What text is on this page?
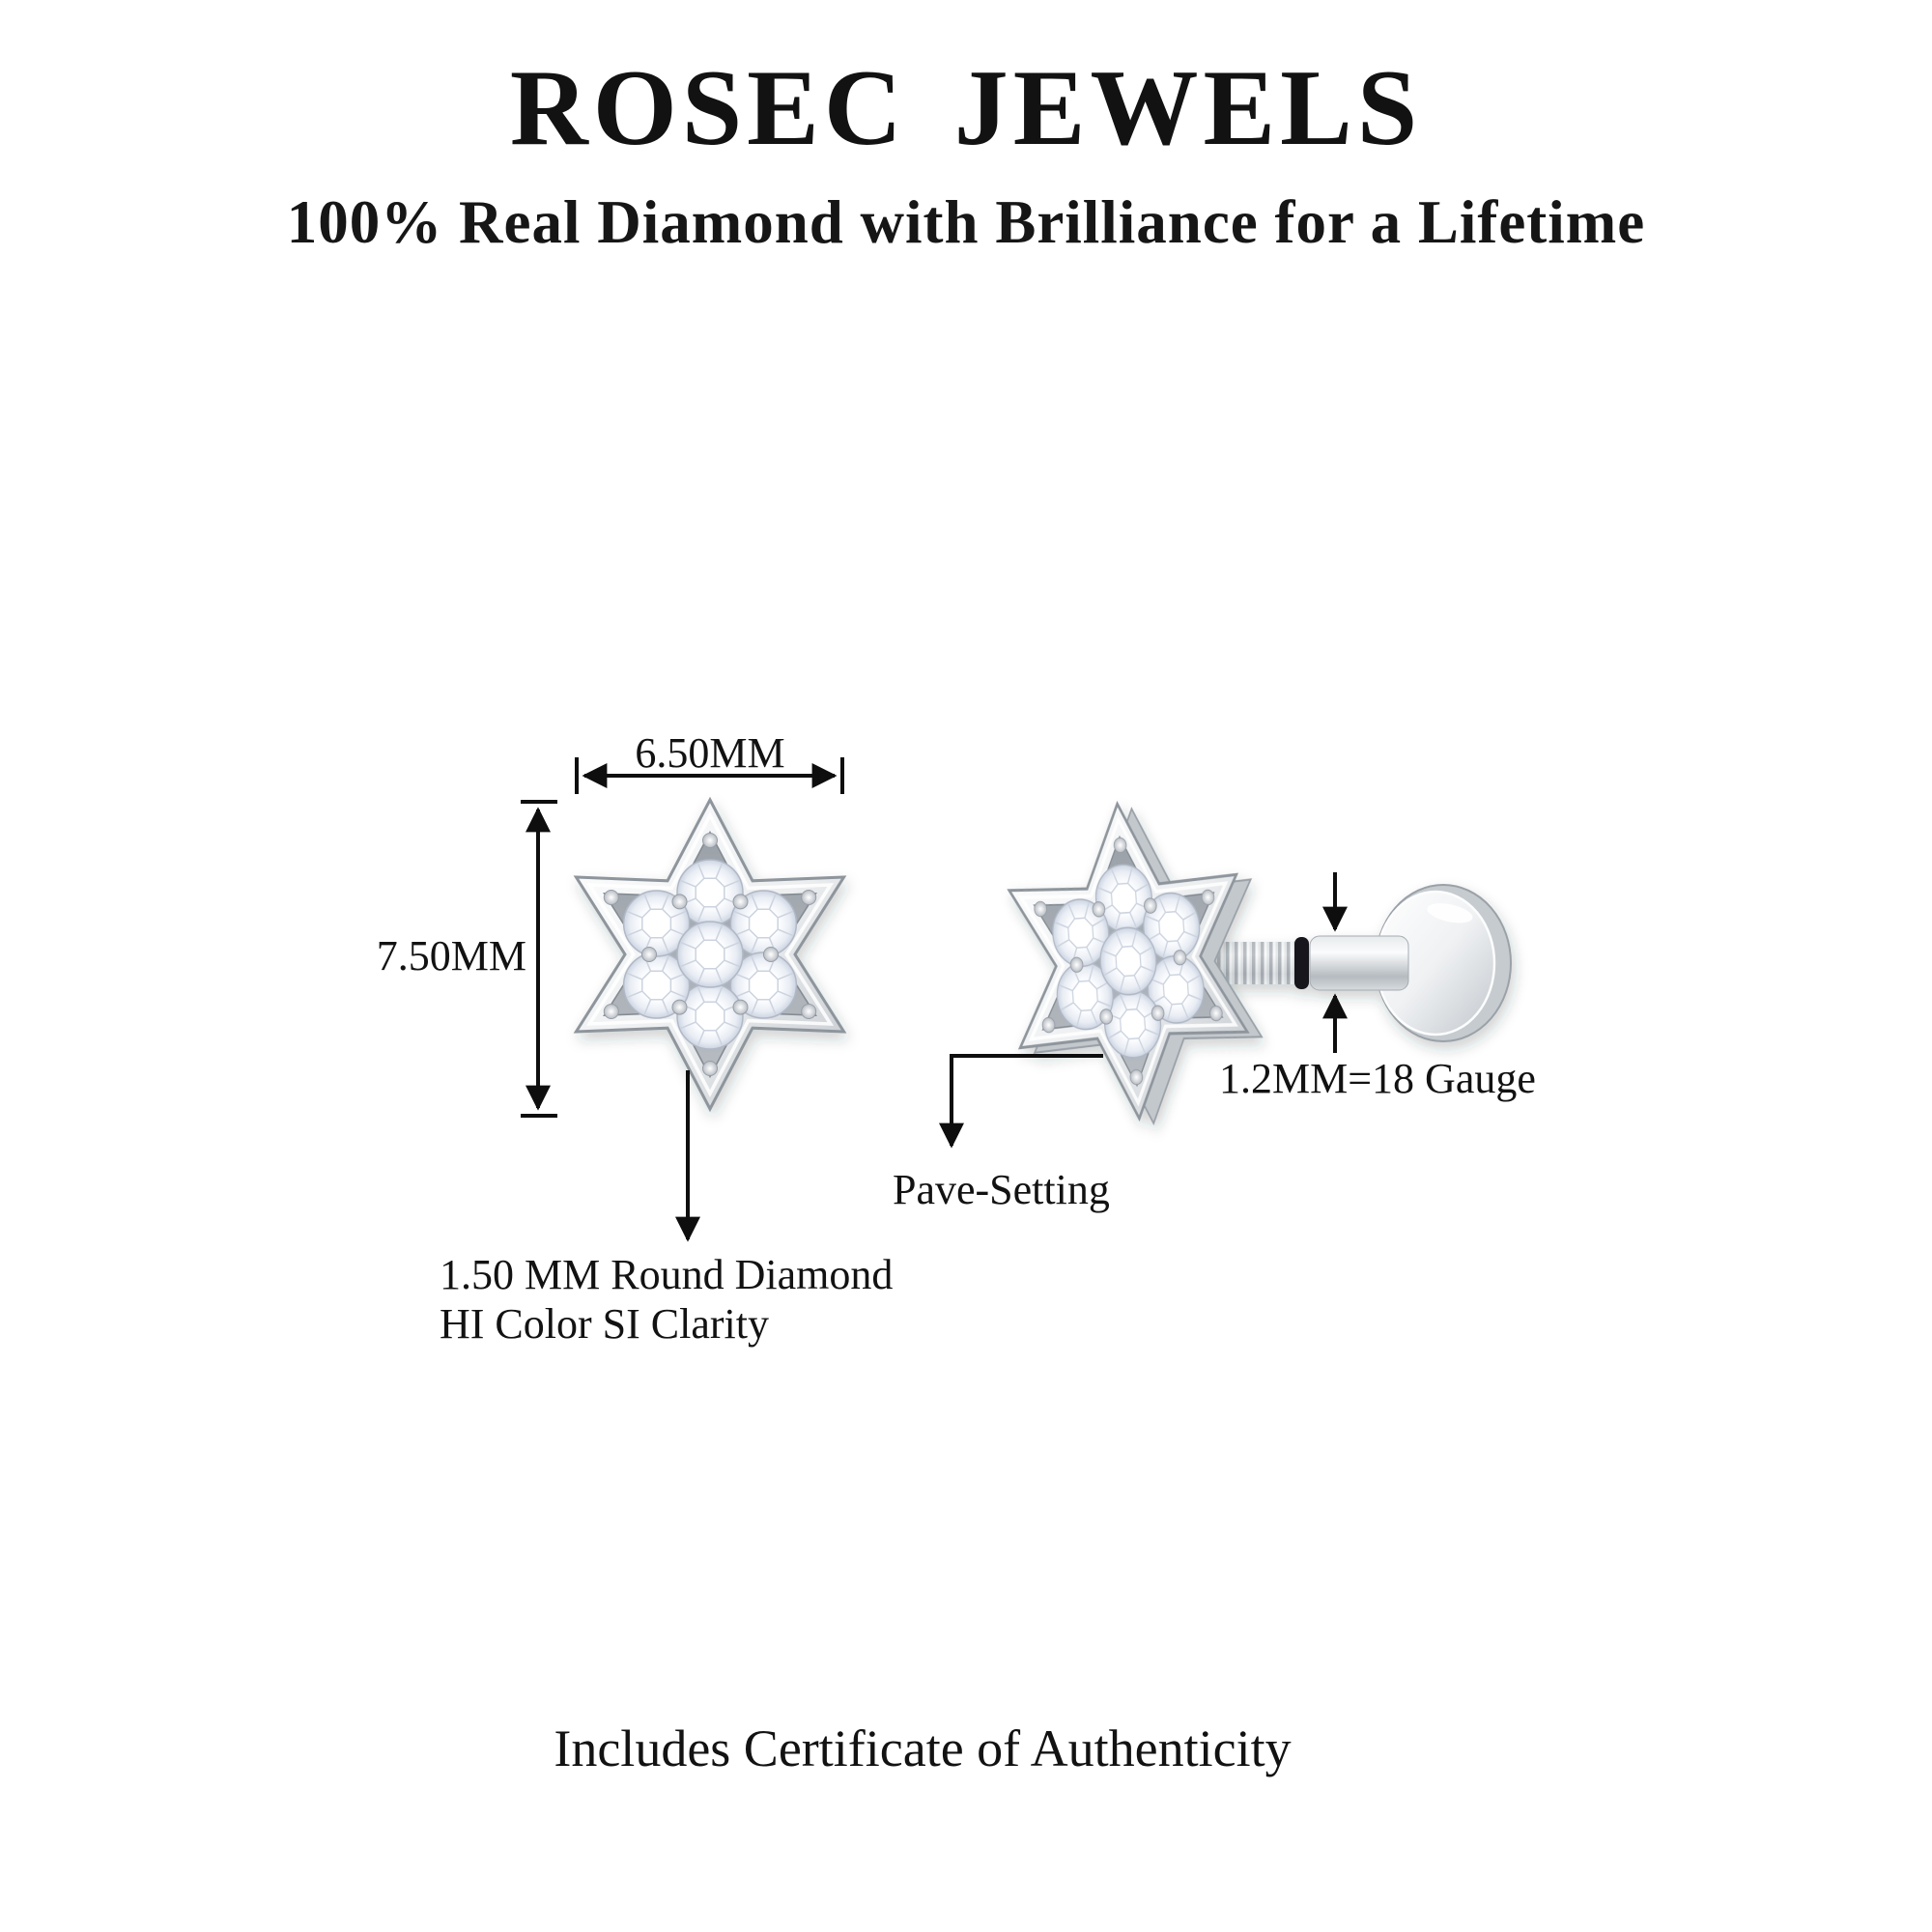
ROSEC JEWELS
100% Real Diamond with Brilliance for a Lifetime
6.50MM
7.50MM
1.2MM=18 Gauge
Pave-Setting
1.50 MM Round Diamond
HI Color SI Clarity
Includes Certificate of Authenticity
